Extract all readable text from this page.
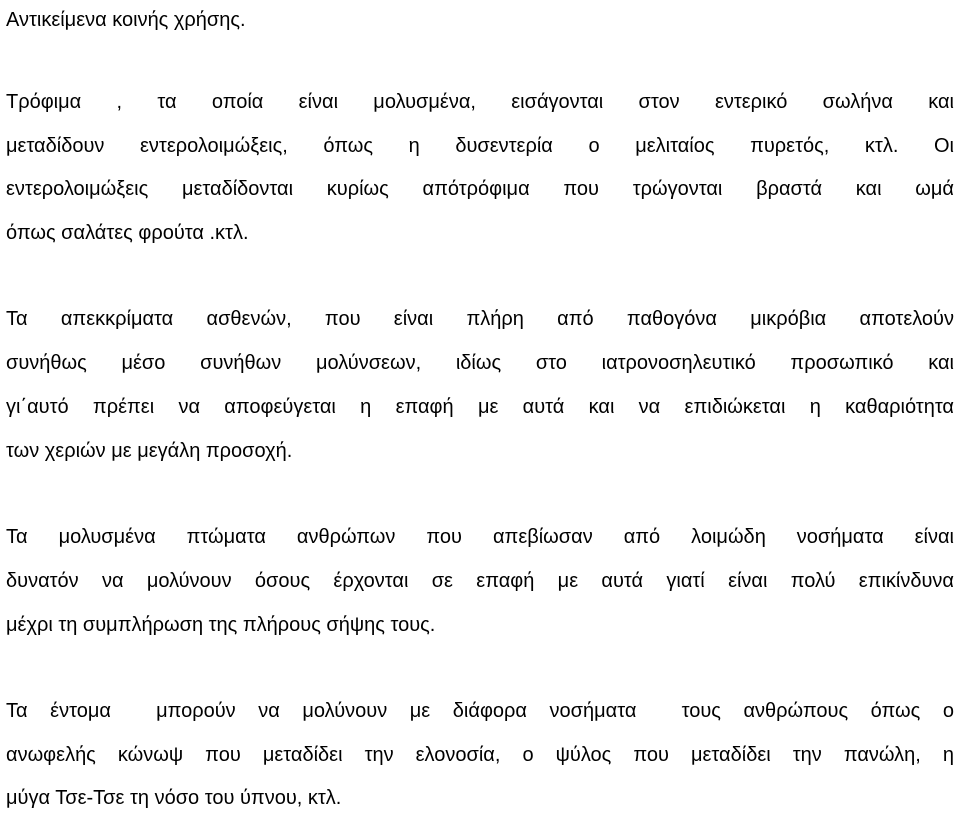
Αντικείμενα κοινής χρήσης.
Τρόφιμα , τα οποία είναι μολυσμένα, εισάγονται στον εντερικό σωλήνα και
μεταδίδουν εντερολοιμώξεις, όπως η δυσεντερία ο μελιταίος πυρετός, κτλ. Οι
εντερολοιμώξεις μεταδίδονται κυρίως απότρόφιμα που τρώγονται βραστά και ωμά
όπως σαλάτες φρούτα .κτλ.
Τα απεκκρίματα ασθενών, που είναι πλήρη από παθογόνα μικρόβια αποτελούν
συνήθως μέσο συνήθων μολύνσεων, ιδίως στο ιατρονοσηλευτικό προσωπικό και
γι΄αυτό πρέπει να αποφεύγεται η επαφή με αυτά και να επιδιώκεται η καθαριότητα
των χεριών με μεγάλη προσοχή.
Τα μολυσμένα πτώματα ανθρώπων που απεβίωσαν από λοιμώδη νοσήματα είναι
δυνατόν να μολύνουν όσους έρχονται σε επαφή με αυτά γιατί είναι πολύ επικίνδυνα
μέχρι τη συμπλήρωση της πλήρους σήψης τους.
Τα έντομα  μπορούν να μολύνουν με διάφορα νοσήματα  τους ανθρώπους όπως ο
ανωφελής κώνωψ που μεταδίδει την ελονοσία, ο ψύλος που μεταδίδει την πανώλη, η
μύγα Τσε-Τσε τη νόσο του ύπνου, κτλ.
